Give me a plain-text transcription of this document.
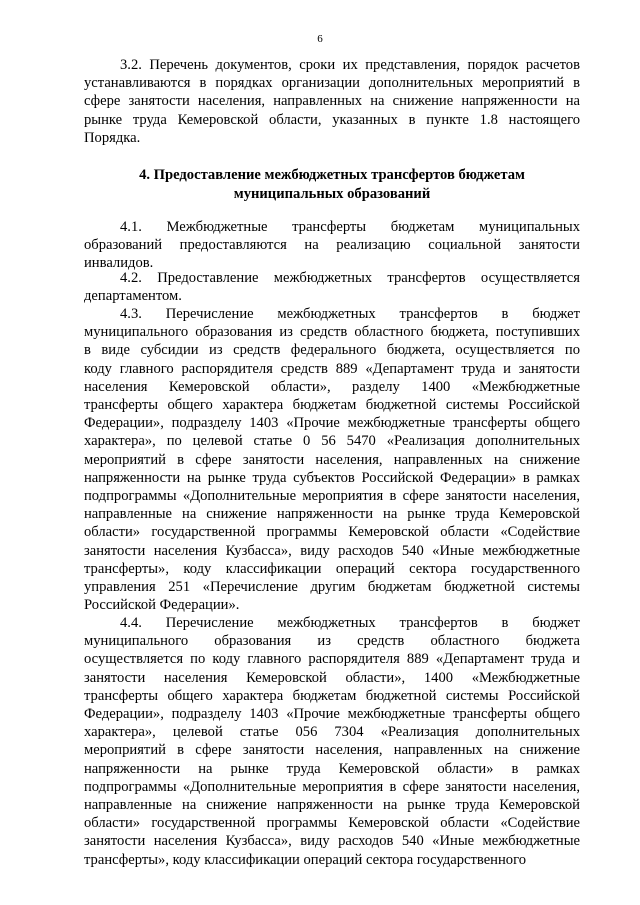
6
3.2. Перечень документов, сроки их представления, порядок расчетов
устанавливаются в порядках организации дополнительных мероприятий в
сфере занятости населения, направленных на снижение напряженности на
рынке труда Кемеровской области, указанных в пункте 1.8 настоящего
Порядка.
4. Предоставление межбюджетных трансфертов бюджетам
муниципальных образований
4.1. Межбюджетные трансферты бюджетам муниципальных
образований предоставляются на реализацию социальной занятости
инвалидов.
4.2. Предоставление межбюджетных трансфертов осуществляется
департаментом.
4.3. Перечисление межбюджетных трансфертов в бюджет
муниципального образования из средств областного бюджета, поступивших
в виде субсидии из средств федерального бюджета, осуществляется по
коду главного распорядителя средств 889 «Департамент труда и занятости
населения Кемеровской области», разделу 1400 «Межбюджетные
трансферты общего характера бюджетам бюджетной системы Российской
Федерации», подразделу 1403 «Прочие межбюджетные трансферты общего
характера», по целевой статье 0 56 5470 «Реализация дополнительных
мероприятий в сфере занятости населения, направленных на снижение
напряженности на рынке труда субъектов Российской Федерации» в рамках
подпрограммы «Дополнительные мероприятия в сфере занятости населения,
направленные на снижение напряженности на рынке труда Кемеровской
области» государственной программы Кемеровской области «Содействие
занятости населения Кузбасса», виду расходов 540 «Иные межбюджетные
трансферты», коду классификации операций сектора государственного
управления 251 «Перечисление другим бюджетам бюджетной системы
Российской Федерации».
4.4. Перечисление межбюджетных трансфертов в бюджет
муниципального образования из средств областного бюджета
осуществляется по коду главного распорядителя 889 «Департамент труда и
занятости населения Кемеровской области», 1400 «Межбюджетные
трансферты общего характера бюджетам бюджетной системы Российской
Федерации», подразделу 1403 «Прочие межбюджетные трансферты общего
характера», целевой статье 056 7304 «Реализация дополнительных
мероприятий в сфере занятости населения, направленных на снижение
напряженности на рынке труда Кемеровской области» в рамках
подпрограммы «Дополнительные мероприятия в сфере занятости населения,
направленные на снижение напряженности на рынке труда Кемеровской
области» государственной программы Кемеровской области «Содействие
занятости населения Кузбасса», виду расходов 540 «Иные межбюджетные
трансферты», коду классификации операций сектора государственного
